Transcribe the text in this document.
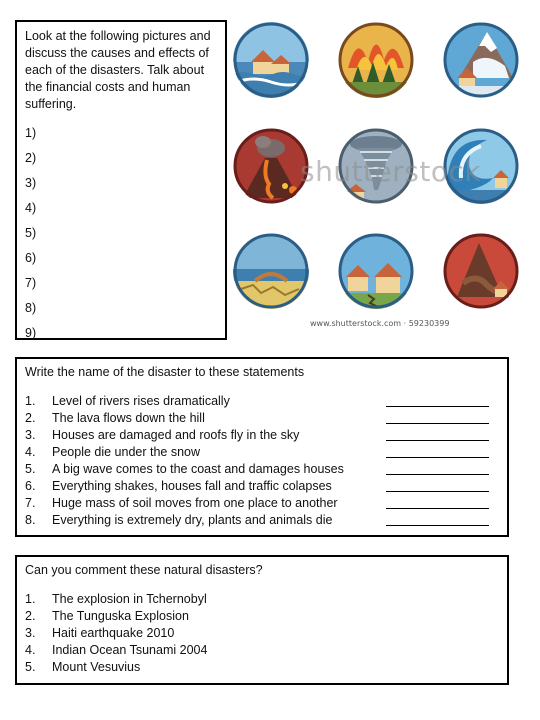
Look at the following pictures and discuss the causes and effects of each of the disasters. Talk about the financial costs and human suffering.

1)
2)
3)
4)
5)
6)
7)
8)
9)
shutterstock
www.shutterstock.com · 59230399
Write the name of the disaster to these statements
1.	Level of rivers rises dramatically
2.	The lava flows down the hill
3.	Houses are damaged and roofs fly in the sky
4.	People die under the snow
5.	A big wave comes to the coast and damages houses
6.	Everything shakes, houses fall and traffic colapses
7.	Huge mass of soil moves from one place to another
8.	Everything is extremely dry, plants and animals die
Can you comment these natural disasters?
1.	The explosion in Tchernobyl
2.	The Tunguska Explosion
3.	Haiti earthquake 2010
4.	Indian Ocean Tsunami 2004
5.	Mount Vesuvius
